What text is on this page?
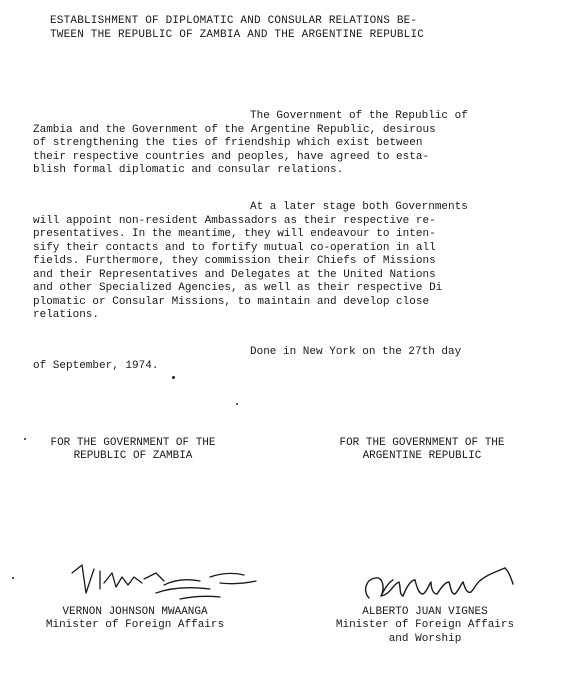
ESTABLISHMENT OF DIPLOMATIC AND CONSULAR RELATIONS BE-
TWEEN THE REPUBLIC OF ZAMBIA AND THE ARGENTINE REPUBLIC
The Government of the Republic of
Zambia and the Government of the Argentine Republic, desirous
of strengthening the ties of friendship which exist between
their respective countries and peoples, have agreed to esta-
blish formal diplomatic and consular relations.
At a later stage both Governments
will appoint non-resident Ambassadors as their respective re-
presentatives. In the meantime, they will endeavour to inten-
sify their contacts and to fortify mutual co-operation in all
fields. Furthermore, they commission their Chiefs of Missions
and their Representatives and Delegates at the United Nations
and other Specialized Agencies, as well as their respective Di
plomatic or Consular Missions, to maintain and develop close
relations.
Done in New York on the 27th day
of September, 1974.
FOR THE GOVERNMENT OF THE
REPUBLIC OF ZAMBIA
FOR THE GOVERNMENT OF THE
ARGENTINE REPUBLIC
VERNON JOHNSON MWAANGA
Minister of Foreign Affairs
ALBERTO JUAN VIGNES
Minister of Foreign Affairs
and Worship
